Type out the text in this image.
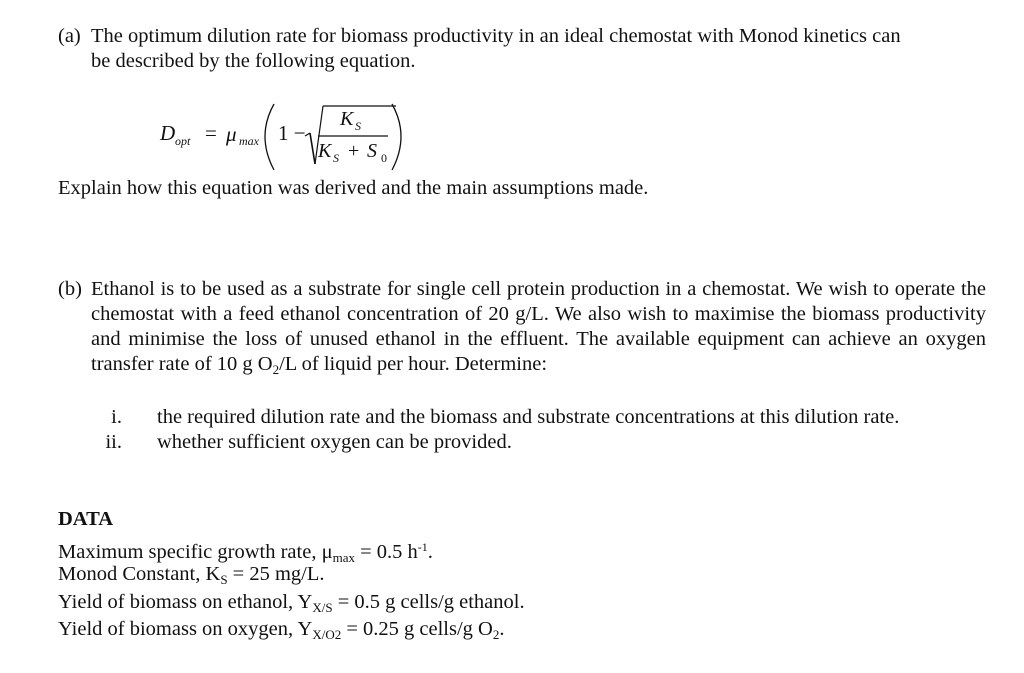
(a) The optimum dilution rate for biomass productivity in an ideal chemostat with Monod kinetics can
be described by the following equation.
D opt = μ max 1 −
K S
K S + S 0
Explain how this equation was derived and the main assumptions made.
(b) Ethanol is to be used as a substrate for single cell protein production in a chemostat. We wish to operate the chemostat with a feed ethanol concentration of 20 g/L. We also wish to maximise the biomass productivity and minimise the loss of unused ethanol in the effluent. The available equipment can achieve an oxygen transfer rate of 10 g $O_2/L$ of liquid per hour. Determine:
i. the required dilution rate and the biomass and substrate concentrations at this dilution rate.
ii. whether sufficient oxygen can be provided.
DATA
Maximum specific growth rate, $\mu_{max} = 0.5$ $h^{-1}$.
Monod Constant, $K_S = 25$ mg/L.
Yield of biomass on ethanol, $Y_{X/S} = 0.5$ g cells/g ethanol.
Yield of biomass on oxygen, $Y_{X/O2} = 0.25$ g cells/g $O_2$.
